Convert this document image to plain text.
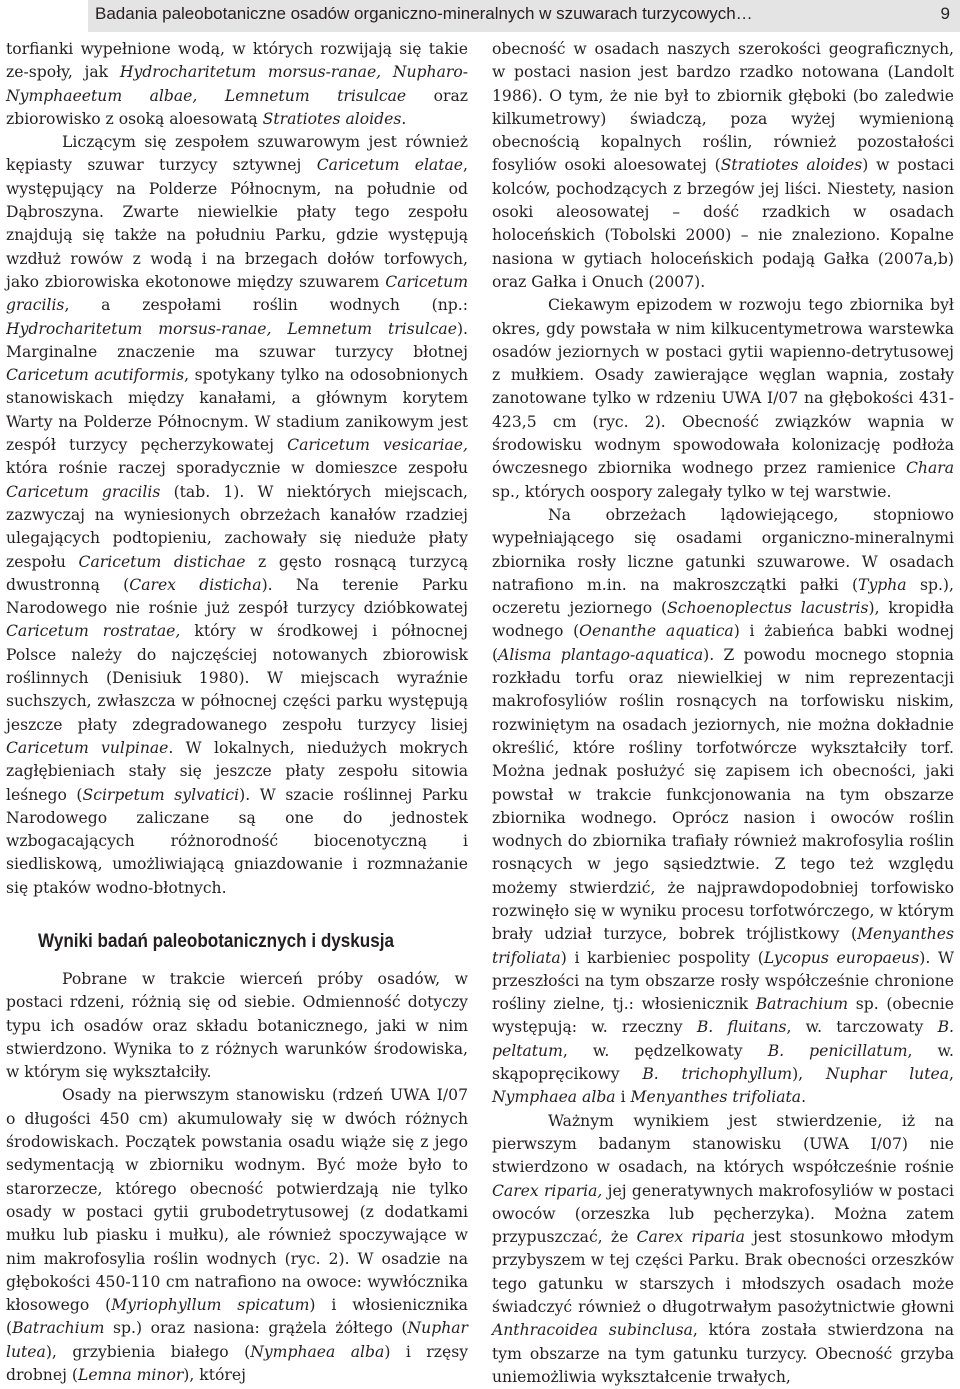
Badania paleobotaniczne osadów organiczno-mineralnych w szuwarach turzycowych…	9

torfianki wypełnione wodą, w których rozwijają się takie ze-społy, jak Hydrocharitetum morsus-ranae, Nupharo-Nymphaeetum albae, Lemnetum trisulcae oraz zbiorowisko z osoką aloesowatą Stratiotes aloides.

Liczącym się zespołem szuwarowym jest również kępiasty szuwar turzycy sztywnej Caricetum elatae, występujący na Polderze Północnym, na południe od Dąbroszyna. Zwarte niewielkie płaty tego zespołu znajdują się także na południu Parku, gdzie występują wzdłuż rowów z wodą i na brzegach dołów torfowych, jako zbiorowiska ekotonowe między szuwarem Caricetum gracilis, a zespołami roślin wodnych (np.: Hydrocharitetum morsus-ranae, Lemnetum trisulcae). Marginalne znaczenie ma szuwar turzycy błotnej Caricetum acutiformis, spotykany tylko na odosobnionych stanowiskach między kanałami, a głównym korytem Warty na Polderze Północnym. W stadium zanikowym jest zespół turzycy pęcherzykowatej Caricetum vesicariae, która rośnie raczej sporadycznie w domieszce zespołu Caricetum gracilis (tab. 1). W niektórych miejscach, zazwyczaj na wyniesionych obrzeżach kanałów rzadziej ulegających podtopieniu, zachowały się nieduże płaty zespołu Caricetum distichae z gęsto rosnącą turzycą dwustronną (Carex disticha). Na terenie Parku Narodowego nie rośnie już zespół turzycy dzióbkowatej Caricetum rostratae, który w środkowej i północnej Polsce należy do najczęściej notowanych zbiorowisk roślinnych (Denisiuk 1980). W miejscach wyraźnie suchszych, zwłaszcza w północnej części parku występują jeszcze płaty zdegradowanego zespołu turzycy lisiej Caricetum vulpinae. W lokalnych, niedużych mokrych zagłębieniach stały się jeszcze płaty zespołu sitowia leśnego (Scirpetum sylvatici). W szacie roślinnej Parku Narodowego zaliczane są one do jednostek wzbogacających różnorodność biocenotyczną i siedliskową, umożliwiającą gniazdowanie i rozmnażanie się ptaków wodno-błotnych.

Wyniki badań paleobotanicznych i dyskusja

Pobrane w trakcie wierceń próby osadów, w postaci rdzeni, różnią się od siebie. Odmienność dotyczy typu ich osadów oraz składu botanicznego, jaki w nim stwierdzono. Wynika to z różnych warunków środowiska, w którym się wykształciły.

Osady na pierwszym stanowisku (rdzeń UWA I/07 o długości 450 cm) akumulowały się w dwóch różnych środowiskach. Początek powstania osadu wiąże się z jego sedymentacją w zbiorniku wodnym. Być może było to starorzecze, którego obecność potwierdzają nie tylko osady w postaci gytii grubodetrytusowej (z dodatkami mułku lub piasku i mułku), ale również spoczywające w nim makrofosylia roślin wodnych (ryc. 2). W osadzie na głębokości 450-110 cm natrafiono na owoce: wywłócznika kłosowego (Myriophyllum spicatum) i włosienicznika (Batrachium sp.) oraz nasiona: grążela żółtego (Nuphar lutea), grzybienia białego (Nymphaea alba) i rzęsy drobnej (Lemna minor), której

obecność w osadach naszych szerokości geograficznych, w postaci nasion jest bardzo rzadko notowana (Landolt 1986). O tym, że nie był to zbiornik głęboki (bo zaledwie kilkumetrowy) świadczą, poza wyżej wymienioną obecnością kopalnych roślin, również pozostałości fosyliów osoki aloesowatej (Stratiotes aloides) w postaci kolców, pochodzących z brzegów jej liści. Niestety, nasion osoki aleosowatej – dość rzadkich w osadach holoceńskich (Tobolski 2000) – nie znaleziono. Kopalne nasiona w gytiach holoceńskich podają Gałka (2007a,b) oraz Gałka i Onuch (2007).

Ciekawym epizodem w rozwoju tego zbiornika był okres, gdy powstała w nim kilkucentymetrowa warstewka osadów jeziornych w postaci gytii wapienno-detrytusowej z mułkiem. Osady zawierające węglan wapnia, zostały zanotowane tylko w rdzeniu UWA I/07 na głębokości 431-423,5 cm (ryc. 2). Obecność związków wapnia w środowisku wodnym spowodowała kolonizację podłoża ówczesnego zbiornika wodnego przez ramienice Chara sp., których oospory zalegały tylko w tej warstwie.

Na obrzeżach lądowiejącego, stopniowo wypełniającego się osadami organiczno-mineralnymi zbiornika rosły liczne gatunki szuwarowe. W osadach natrafiono m.in. na makroszczątki pałki (Typha sp.), oczeretu jeziornego (Schoenoplectus lacustris), kropidła wodnego (Oenanthe aquatica) i żabieńca babki wodnej (Alisma plantago-aquatica). Z powodu mocnego stopnia rozkładu torfu oraz niewielkiej w nim reprezentacji makrofosyliów roślin rosnących na torfowisku niskim, rozwiniętym na osadach jeziornych, nie można dokładnie określić, które rośliny torfotwórcze wykształciły torf. Można jednak posłużyć się zapisem ich obecności, jaki powstał w trakcie funkcjonowania na tym obszarze zbiornika wodnego. Oprócz nasion i owoców roślin wodnych do zbiornika trafiały również makrofosylia roślin rosnących w jego sąsiedztwie. Z tego też względu możemy stwierdzić, że najprawdopodobniej torfowisko rozwinęło się w wyniku procesu torfotwórczego, w którym brały udział turzyce, bobrek trójlistkowy (Menyanthes trifoliata) i karbieniec pospolity (Lycopus europaeus). W przeszłości na tym obszarze rosły współcześnie chronione rośliny zielne, tj.: włosienicznik Batrachium sp. (obecnie występują: w. rzeczny B. fluitans, w. tarczowaty B. peltatum, w. pędzelkowaty B. penicillatum, w. skąpopręcikowy B. trichophyllum), Nuphar lutea, Nymphaea alba i Menyanthes trifoliata.

Ważnym wynikiem jest stwierdzenie, iż na pierwszym badanym stanowisku (UWA I/07) nie stwierdzono w osadach, na których współcześnie rośnie Carex riparia, jej generatywnych makrofosyliów w postaci owoców (orzeszka lub pęcherzyka). Można zatem przypuszczać, że Carex riparia jest stosunkowo młodym przybyszem w tej części Parku. Brak obecności orzeszków tego gatunku w starszych i młodszych osadach może świadczyć również o długotrwałym pasożytnictwie głowni Anthracoidea subinclusa, która została stwierdzona na tym obszarze na tym gatunku turzycy. Obecność grzyba uniemożliwia wykształcenie trwałych,
